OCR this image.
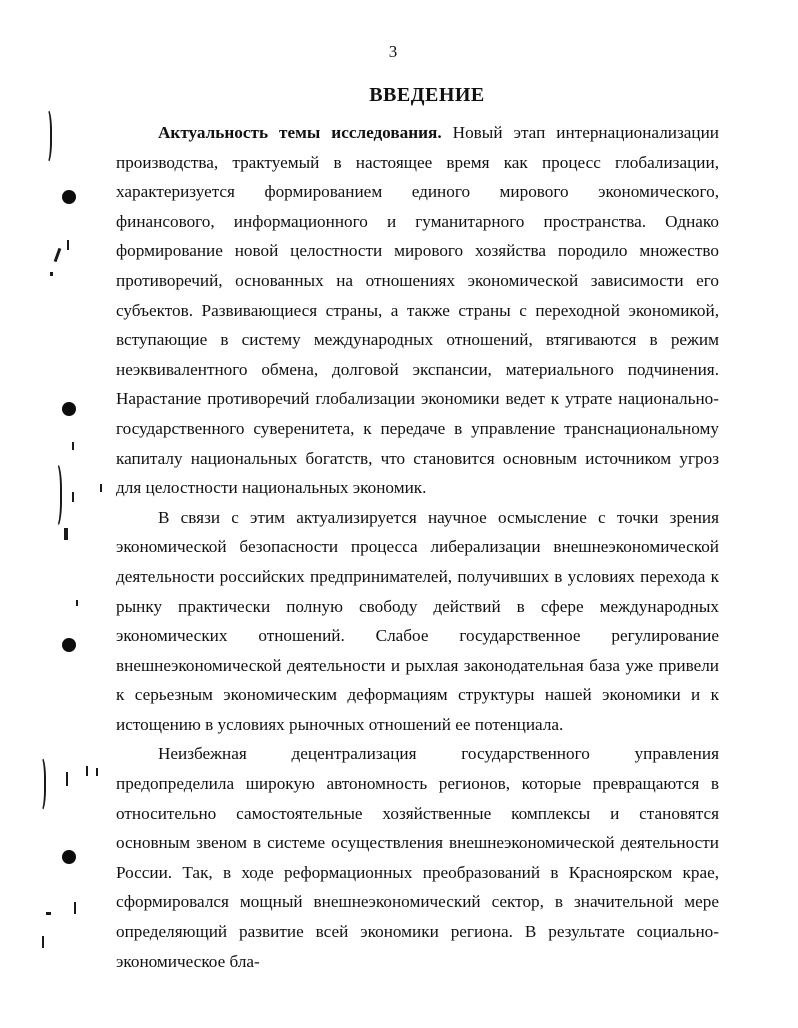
3
ВВЕДЕНИЕ

Актуальность темы исследования. Новый этап интернационализации производства, трактуемый в настоящее время как процесс глобализации, характеризуется формированием единого мирового экономического, финансового, информационного и гуманитарного пространства. Однако формирование новой целостности мирового хозяйства породило множество противоречий, основанных на отношениях экономической зависимости его субъектов. Развивающиеся страны, а также страны с переходной экономикой, вступающие в систему международных отношений, втягиваются в режим неэквивалентного обмена, долговой экспансии, материального подчинения. Нарастание противоречий глобализации экономики ведет к утрате национально-государственного суверенитета, к передаче в управление транснациональному капиталу национальных богатств, что становится основным источником угроз для целостности национальных экономик.

В связи с этим актуализируется научное осмысление с точки зрения экономической безопасности процесса либерализации внешнеэкономической деятельности российских предпринимателей, получивших в условиях перехода к рынку практически полную свободу действий в сфере международных экономических отношений. Слабое государственное регулирование внешнеэкономической деятельности и рыхлая законодательная база уже привели к серьезным экономическим деформациям структуры нашей экономики и к истощению в условиях рыночных отношений ее потенциала.

Неизбежная децентрализация государственного управления предопределила широкую автономность регионов, которые превращаются в относительно самостоятельные хозяйственные комплексы и становятся основным звеном в системе осуществления внешнеэкономической деятельности России. Так, в ходе реформационных преобразований в Красноярском крае, сформировался мощный внешнеэкономический сектор, в значительной мере определяющий развитие всей экономики региона. В результате социально-экономическое бла-
